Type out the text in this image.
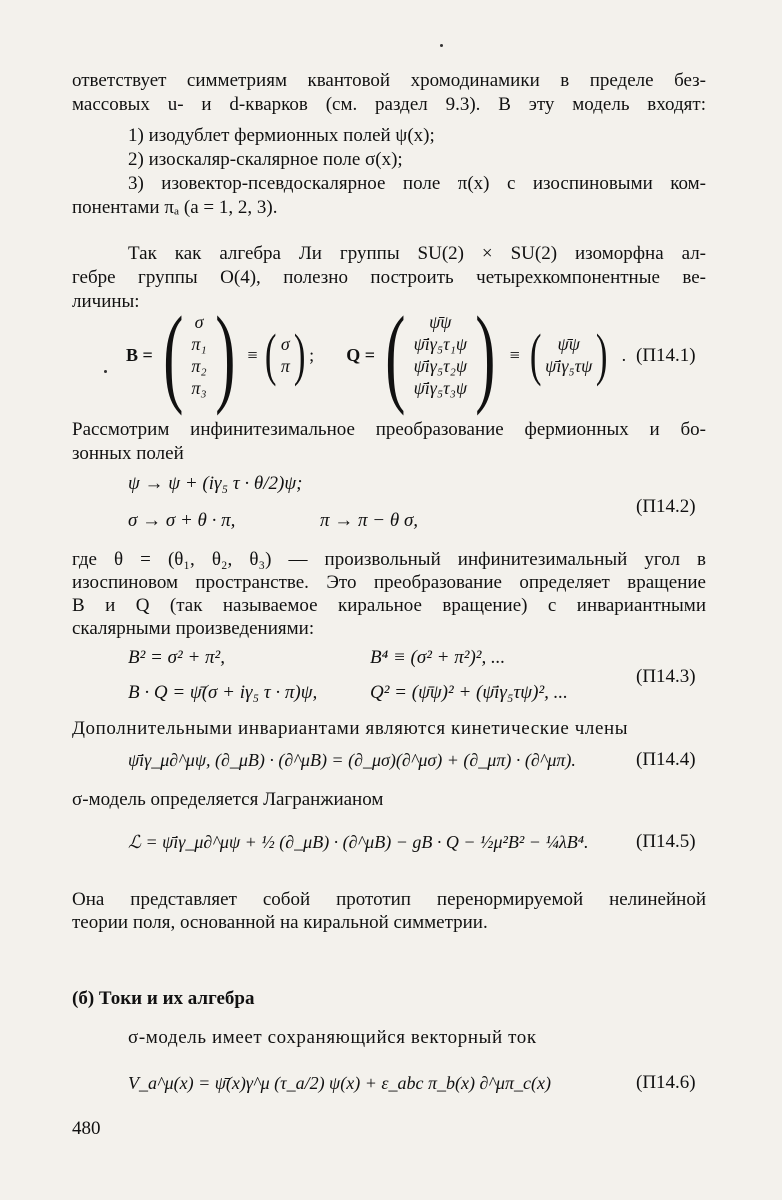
ответствует симметриям квантовой хромодинамики в пределе без-
массовых u- и d-кварков (см. раздел 9.3). В эту модель входят:
1) изодублет фермионных полей ψ(x);
2) изоскаляр-скалярное поле σ(x);
3) изовектор-псевдоскалярное поле π(x) с изоспиновыми ком-
понентами πₐ (a = 1, 2, 3).
Так как алгебра Ли группы SU(2) × SU(2) изоморфна ал-
гебре группы O(4), полезно построить четырехкомпонентные ве-
личины:
B = ( σ
π₁
π₂
π₃ ) ≡ ( σ
π ) ; Q = ( ψ̄ψ
ψ̄iγ₅τ₁ψ
ψ̄iγ₅τ₂ψ
ψ̄iγ₅τ₃ψ ) ≡ ( ψ̄ψ
ψ̄iγ₅τψ ) . (П14.1)
Рассмотрим инфинитезимальное преобразование фермионных и бо-
зонных полей
ψ → ψ + (iγ₅ τ · θ/2)ψ;
σ → σ + θ · π,	π → π − θ σ,
(П14.2)
где θ = (θ₁, θ₂, θ₃) — произвольный инфинитезимальный угол в
изоспиновом пространстве. Это преобразование определяет вращение
B и Q (так называемое киральное вращение) с инвариантными
скалярными произведениями:
B² = σ² + π²,	B⁴ ≡ (σ² + π²)², ...
B · Q = ψ̄(σ + iγ₅ τ · π)ψ,	Q² = (ψ̄ψ)² + (ψ̄iγ₅τψ)², ...
(П14.3)
Дополнительными инвариантами являются кинетические члены
ψ̄iγ_μ∂^μψ, (∂_μB) · (∂^μB) = (∂_μσ)(∂^μσ) + (∂_μπ) · (∂^μπ).	(П14.4)
σ-модель определяется Лагранжианом
ℒ = ψ̄iγ_μ∂^μψ + ½ (∂_μB) · (∂^μB) − gB · Q − ½μ²B² − ¼λB⁴.	(П14.5)
Она представляет собой прототип перенормируемой нелинейной
теории поля, основанной на киральной симметрии.
(б) Токи и их алгебра
σ-модель имеет сохраняющийся векторный ток
V_a^μ(x) = ψ̄(x)γ^μ (τ_a/2) ψ(x) + ε_abc π_b(x) ∂^μπ_c(x)	(П14.6)
480
